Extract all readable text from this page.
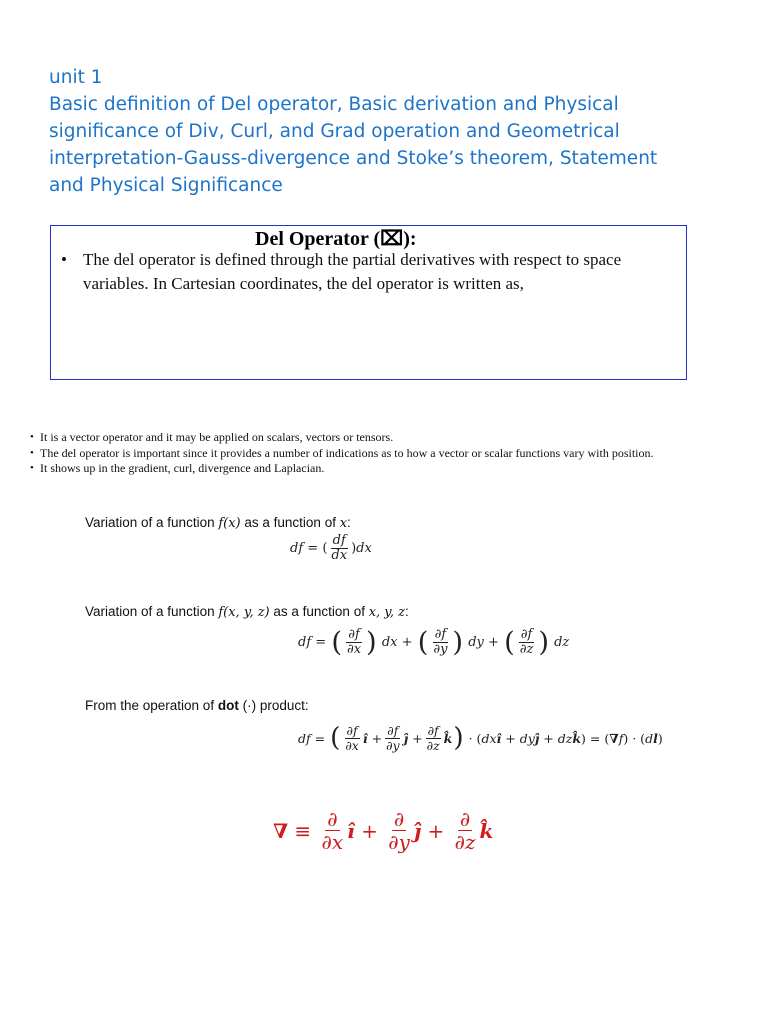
unit 1
Basic definition of Del operator, Basic derivation and Physical
significance of Div, Curl, and Grad operation and Geometrical
interpretation-Gauss-divergence and Stoke’s theorem, Statement
and Physical Significance
Del Operator (⌧):
• The del operator is defined through the partial derivatives with respect to space variables. In Cartesian coordinates, the del operator is written as,
• It is a vector operator and it may be applied on scalars, vectors or tensors.
• The del operator is important since it provides a number of indications as to how a vector or scalar functions vary with position.
• It shows up in the gradient, curl, divergence and Laplacian.
Variation of a function f(x) as a function of x:
df
=
( $\frac{df}{dx}$ ) dx
Variation of a function f(x, y, z) as a function of x, y, z:
df
=
( $\frac{\partial f}{\partial x}$ )
dx
+
( $\frac{\partial f}{\partial y}$ )
dy
+
( $\frac{\partial f}{\partial z}$ )
dz
From the operation of dot (·) product:
df
=
( $\frac{\partial f}{\partial x}$ î
+ $\frac{\partial f}{\partial y}$ ĵ
+ $\frac{\partial f}{\partial z}$ k̂ )
·
( dx î
+
dy ĵ
+
dz k̂ )
=
( ∇ f )
·
( d l )
∇
≡
$\frac{\partial}{\partial x}$ î
+
$\frac{\partial}{\partial y}$ ĵ
+
$\frac{\partial}{\partial z}$ k̂
